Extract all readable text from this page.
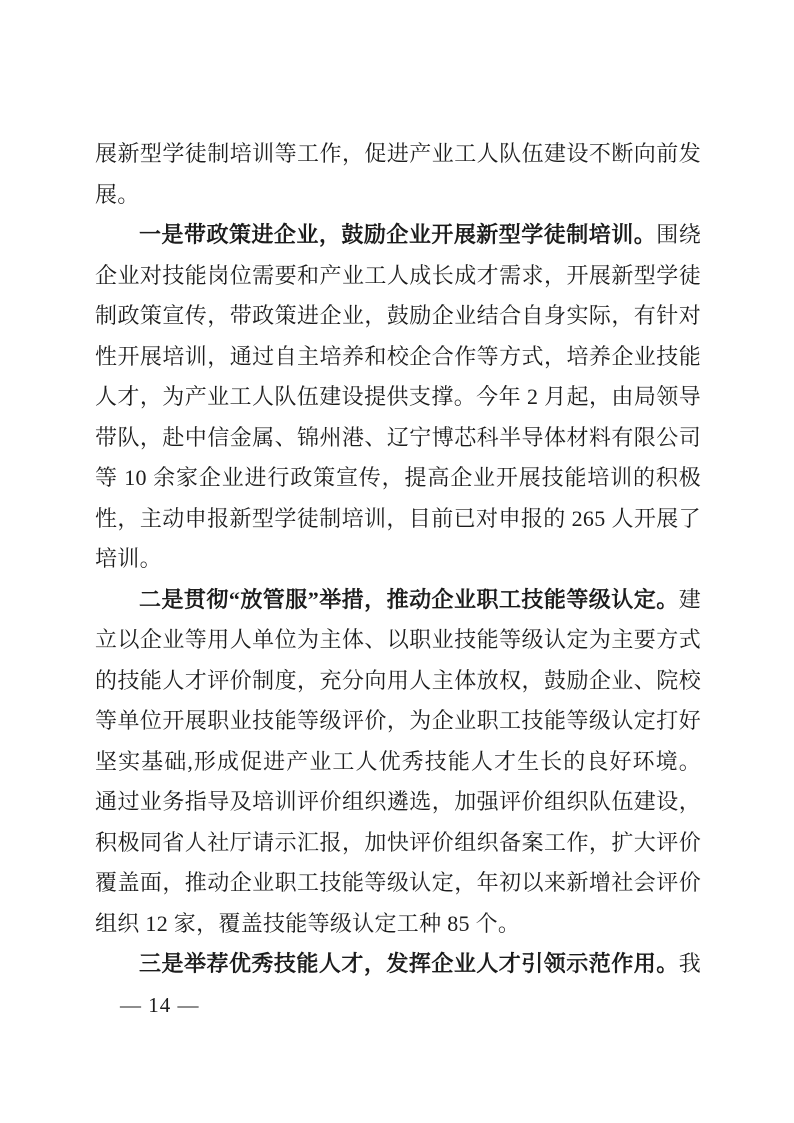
展新型学徒制培训等工作，促进产业工人队伍建设不断向前发展。

一是带政策进企业，鼓励企业开展新型学徒制培训。围绕企业对技能岗位需要和产业工人成长成才需求，开展新型学徒制政策宣传，带政策进企业，鼓励企业结合自身实际，有针对性开展培训，通过自主培养和校企合作等方式，培养企业技能人才，为产业工人队伍建设提供支撑。今年 2 月起，由局领导带队，赴中信金属、锦州港、辽宁博芯科半导体材料有限公司等 10 余家企业进行政策宣传，提高企业开展技能培训的积极性，主动申报新型学徒制培训，目前已对申报的 265 人开展了培训。

二是贯彻“放管服”举措，推动企业职工技能等级认定。建立以企业等用人单位为主体、以职业技能等级认定为主要方式的技能人才评价制度，充分向用人主体放权，鼓励企业、院校等单位开展职业技能等级评价，为企业职工技能等级认定打好坚实基础,形成促进产业工人优秀技能人才生长的良好环境。通过业务指导及培训评价组织遴选，加强评价组织队伍建设，积极同省人社厅请示汇报，加快评价组织备案工作，扩大评价覆盖面，推动企业职工技能等级认定，年初以来新增社会评价组织 12 家，覆盖技能等级认定工种 85 个。

三是举荐优秀技能人才，发挥企业人才引领示范作用。我

— 14 —
